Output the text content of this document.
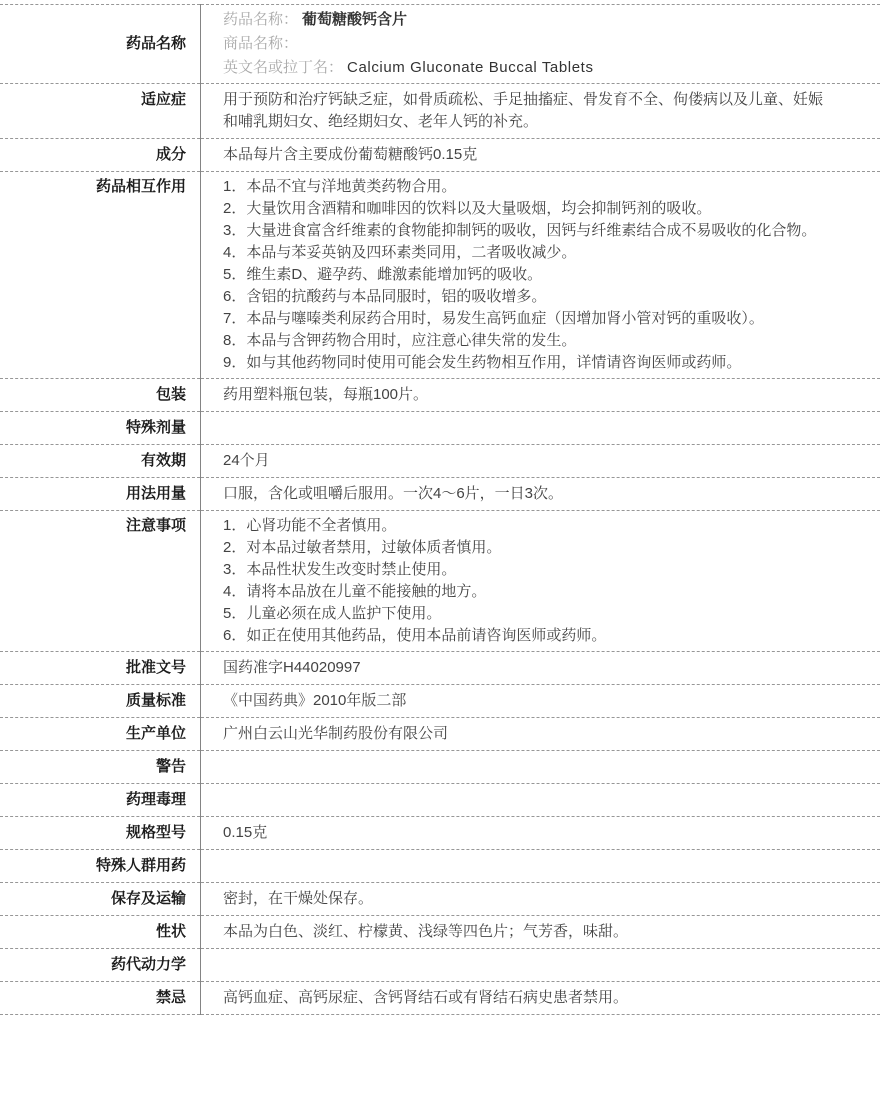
药品名称	药品名称： 葡萄糖酸钙含片
商品名称：
英文名或拉丁名： Calcium Gluconate Buccal Tablets

适应症	用于预防和治疗钙缺乏症，如骨质疏松、手足抽搐症、骨发育不全、佝偻病以及儿童、妊娠和哺乳期妇女、绝经期妇女、老年人钙的补充。

成分	本品每片含主要成份葡萄糖酸钙0.15克

药品相互作用	1．本品不宜与洋地黄类药物合用。
2．大量饮用含酒精和咖啡因的饮料以及大量吸烟，均会抑制钙剂的吸收。
3．大量进食富含纤维素的食物能抑制钙的吸收，因钙与纤维素结合成不易吸收的化合物。
4．本品与苯妥英钠及四环素类同用，二者吸收减少。
5．维生素D、避孕药、雌激素能增加钙的吸收。
6．含铝的抗酸药与本品同服时，铝的吸收增多。
7．本品与噻嗪类利尿药合用时，易发生高钙血症（因增加肾小管对钙的重吸收）。
8．本品与含钾药物合用时，应注意心律失常的发生。
9．如与其他药物同时使用可能会发生药物相互作用，详情请咨询医师或药师。

包装	药用塑料瓶包装，每瓶100片。

特殊剂量	
有效期	24个月

用法用量	口服，含化或咀嚼后服用。一次4～6片，一日3次。

注意事项	1．心肾功能不全者慎用。
2．对本品过敏者禁用，过敏体质者慎用。
3．本品性状发生改变时禁止使用。
4．请将本品放在儿童不能接触的地方。
5．儿童必须在成人监护下使用。
6．如正在使用其他药品，使用本品前请咨询医师或药师。

批准文号	国药准字H44020997

质量标准	《中国药典》2010年版二部

生产单位	广州白云山光华制药股份有限公司

警告	
药理毒理	
规格型号	0.15克

特殊人群用药	
保存及运输	密封，在干燥处保存。

性状	本品为白色、淡红、柠檬黄、浅绿等四色片；气芳香，味甜。

药代动力学	
禁忌	高钙血症、高钙尿症、含钙肾结石或有肾结石病史患者禁用。
